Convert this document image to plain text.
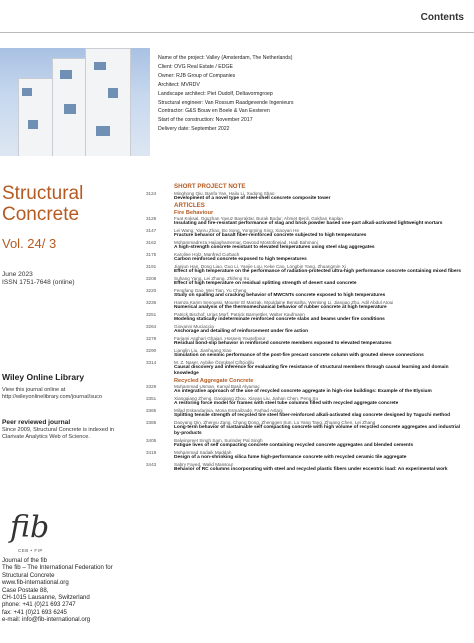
Contents
Name of the project: Valley (Amsterdam, The Netherlands)
Client: OVG Real Estate / EDGE
Owner: RJB Group of Companies
Architect: MVRDV
Landscape architect: Piet Oudolf, Deltavormgroep
Structural engineer: Van Rossum Raadgevende Ingenieurs
Contractor: G&S Bouw en Boele & Van Eesteren
Start of the construction: November 2017
Delivery date: September 2022
Structural
Concrete
Vol. 24/ 3
June 2023
ISSN 1751-7648 (online)
Wiley Online Library
View this journal online at
http://wileyonlinelibrary.com/journal/suco
Peer reviewed journal
Since 2009, Structural Concrete is indexed in Clarivate Analytics Web of Science.
fib
CEB • FIP
Journal of the fib
The fib – The International Federation for
Structural Concrete
www.fib-international.org
Case Postale 88,
CH-1015 Lausanne, Switzerland
phone: +41 (0)21 693 2747
fax: +41 (0)21 693 6245
e-mail: info@fib-international.org
SHORT PROJECT NOTE
3124	Minghong Qiu, Banfa Yan, Hailu Li, Xudong Shao
Development of a novel type of steel-shell concrete composite tower
ARTICLES
Fire Behaviour
3128	Fuat Koksal, Oguzhan Yavuz Bayraktar, Burak Bodur, Ahmet Benli, Gokhan Kaplan
Insulating and fire-resistant performance of slag and brick powder based one-part alkali-activated lightweight mortars
3147	Lei Wang, Yanru Zhao, Bo Song, Yongming Xing, Xiaoyan He
Fracture behavior of basalt fiber-reinforced concrete subjected to high temperatures
3162	Mohammadreza Hajiaghamemar, Davood Mostofinejad, Hadi Bahmani
A high-strength concrete resistant to elevated temperatures using steel slag aggregates
3175	Karoline Holz, Manfred Curbach
Carbon reinforced concrete exposed to high temperatures
3191	Jianjun Han, Dong Liao, Guo Li, Yanjie Lou, Keke Cao, Longbin Yang, Zhuangmin Xi
Effect of high temperature on the performance of radiation-protected ultra-high performance concrete containing mixed fibers
3208	Suhang Yang, Lei Zhang, Zhifeng Xu
Effect of high temperature on residual splitting strength of desert sand concrete
3220	Fengfang Gao, Wei Tian, Yu Cheng
Study on spalling and cracking behavior of MWCNTs concrete exposed to high temperatures
3236	Hamza Karim Senoussi, Moumir El Marzak, Mouldaine Bensalha, Wenlong Li, Jiangao Zhu, Adil Abdul Atoui
Numerical analysis of the thermomechanical behavior of rubber concrete at high temperature
3251	Patrick Bischof, Urias Morf, Patrick Barmettler, Walter Kaufmann
Modeling statically indeterminate reinforced concrete slabs and beams under fire conditions
3264	Giovanni Muciaccia
Anchorage and detailing of reinforcement under fire action
3279	Farjami Asghari Ghajari, Hossein Yousefpour
Residual bond-slip behavior in reinforced concrete members exposed to elevated temperatures
3290	Lianglin Liu, Jianhuang Xiao
Simulation on seismic performance of the post-fire precast concrete column with grouted sleeve connections
3314	M. Z. Naser, Aybike Özyüksel Çiftçioğlu
Causal discovery and inference for evaluating fire resistance of structural members through causal learning and domain knowledge
Recycled Aggregate Concrete
3329	Muhammad Usman, Kamal Basit Alyamac
An integrative approach of the use of recycled concrete aggregate in high-rise buildings: Example of the Elysium
3351	Xiangqiang Zheng, Gaoqiang Zhou, Xiayan Liu, Jiahan Chen, Peng Xu
A restoring force model for frames with steel tube columns filled with recycled aggregate concrete
3365	Milad Eskandarinia, Mona Esmailzade, Farhad Aslani
Splitting tensile strength of recycled tire steel fiber-reinforced alkali-activated slag concrete designed by Taguchi method
3385	Daoyang Qin, Zhenyu Zang, Chang Dong, Zhenggen Sun, Lu Yang Tang, Zhuang Chen, Lei Zhang
Long-term behavior of sustainable self compacting concrete with high volume of recycled concrete aggregates and industrial by-products
3405	Balwinpreet Singh Sam, Surinder Pal Singh
Fatigue lives of self compacting concrete containing recycled concrete aggregates and blended cements
3419	Mohammad Sadaik Maddah
Design of a non-shrinking silica fume high-performance concrete with recycled ceramic tile aggregate
3443	Sabry Fayed, Walid Mansour
Behavior of RC columns incorporating with steel and recycled plastic fibers under eccentric load: An experimental work
